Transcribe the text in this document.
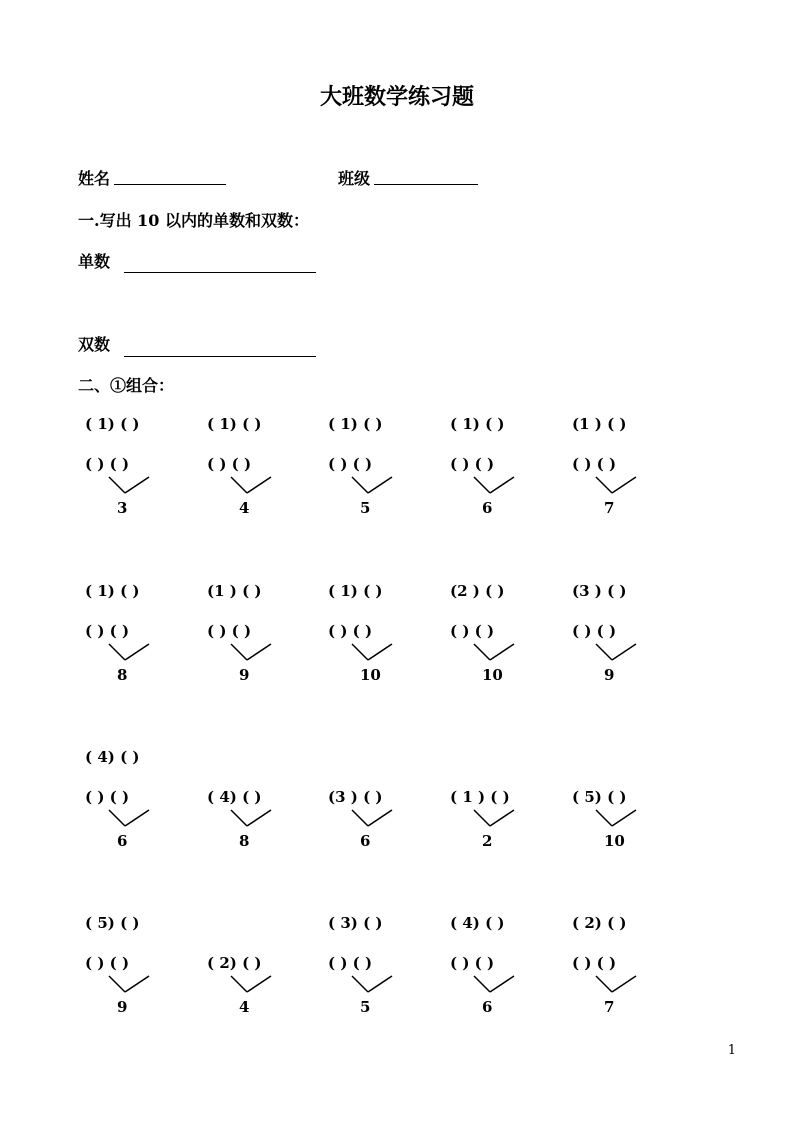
大班数学练习题
姓名	班级
一.写出 10 以内的单数和双数：
单数
双数
二、①组合：
( 1) ( )
( ) ( )
3
( 1) ( )
( ) ( )
4
( 1) ( )
( ) ( )
5
( 1) ( )
( ) ( )
6
(1 ) ( )
( ) ( )
7
( 1) ( )
( ) ( )
8
(1 ) ( )
( ) ( )
9
( 1) ( )
( ) ( )
10
(2 ) ( )
( ) ( )
10
(3 ) ( )
( ) ( )
9
( 4) ( )
( ) ( )
6
( 4) ( )
8
(3 ) ( )
6
( 1 ) ( )
2
( 5) ( )
10
( 5) ( )
( ) ( )
9
( 2) ( )
4
( 3) ( )
( ) ( )
5
( 4) ( )
( ) ( )
6
( 2) ( )
( ) ( )
7
1
